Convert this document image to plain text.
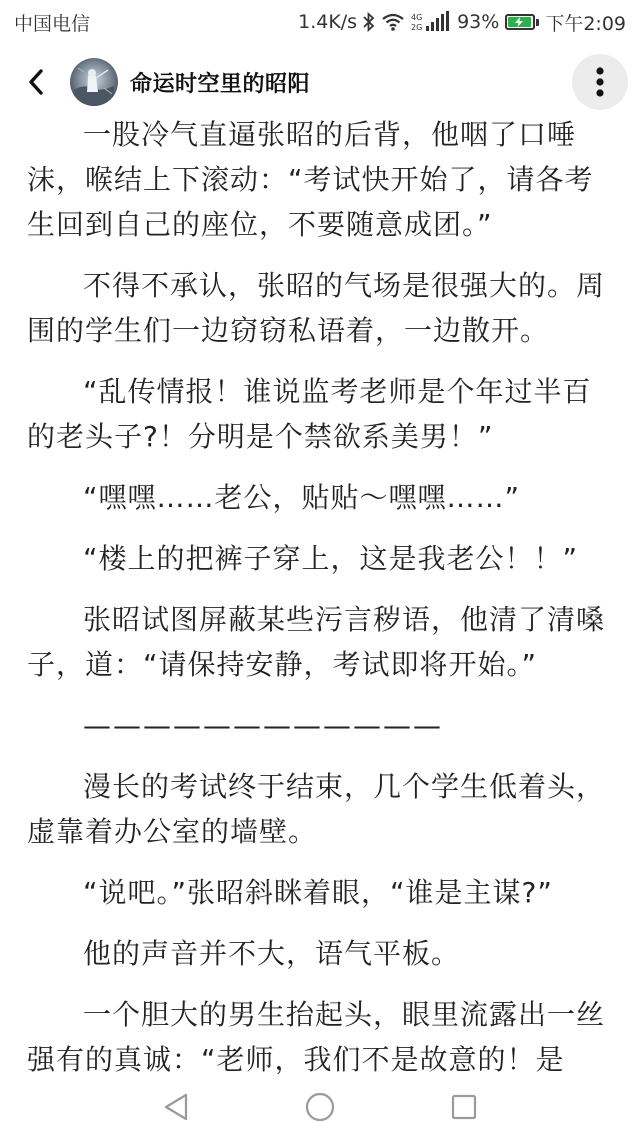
中国电信	1.4K/s	4G
2G 93% 下午2:09
命运时空里的昭阳

一股冷气直逼张昭的后背，他咽了口唾沫，喉结上下滚动：“考试快开始了，请各考生回到自己的座位，不要随意成团。”

不得不承认，张昭的气场是很强大的。周围的学生们一边窃窃私语着，一边散开。

“乱传情报！谁说监考老师是个年过半百的老头子?！分明是个禁欲系美男！”

“嘿嘿……老公，贴贴～嘿嘿……”

“楼上的把裤子穿上，这是我老公！！”

张昭试图屏蔽某些污言秽语，他清了清嗓子，道：“请保持安静，考试即将开始。”

————————————

漫长的考试终于结束，几个学生低着头，虚靠着办公室的墙壁。

“说吧。”张昭斜眯着眼，“谁是主谋?”

他的声音并不大，语气平板。

一个胆大的男生抬起头，眼里流露出一丝强有的真诚：“老师，我们不是故意的！是
